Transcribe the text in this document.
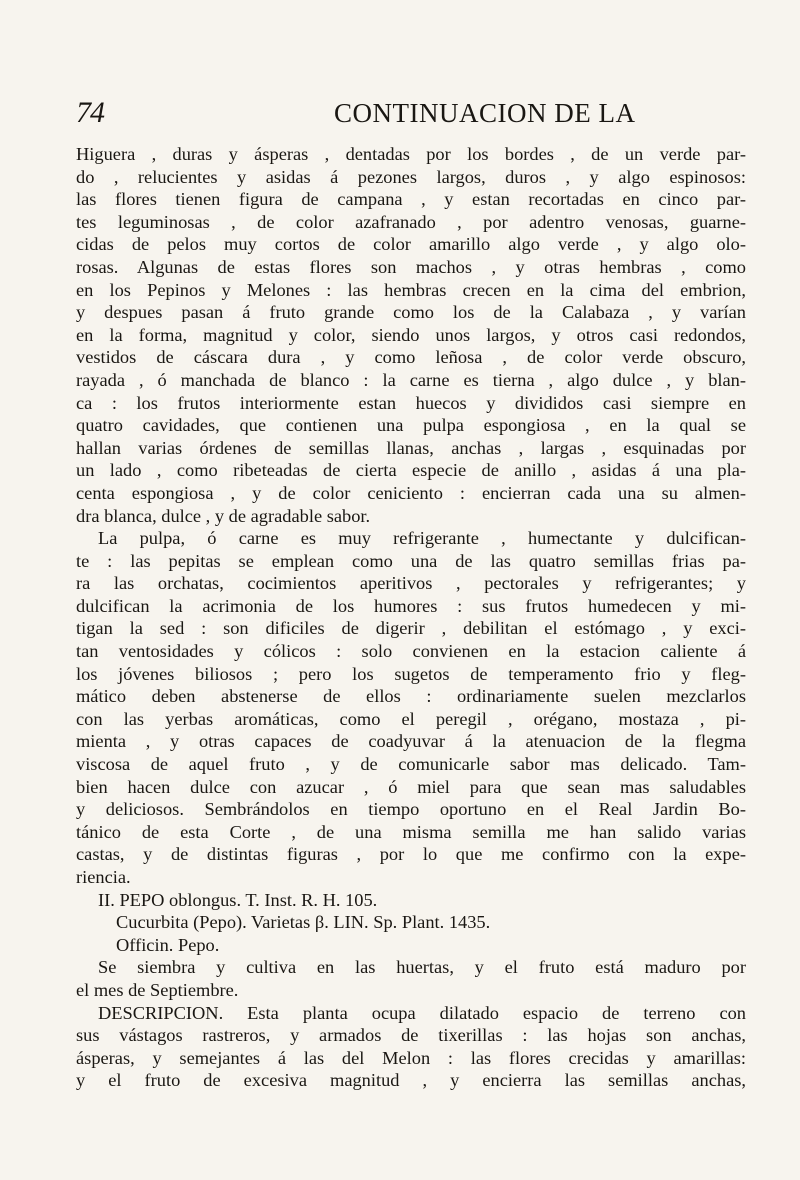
74	CONTINUACION DE LA
Higuera , duras y ásperas , dentadas por los bordes , de un verde par-
do , relucientes y asidas á pezones largos, duros , y algo espinosos:
las flores tienen figura de campana , y estan recortadas en cinco par-
tes leguminosas , de color azafranado , por adentro venosas, guarne-
cidas de pelos muy cortos de color amarillo algo verde , y algo olo-
rosas. Algunas de estas flores son machos , y otras hembras , como
en los Pepinos y Melones : las hembras crecen en la cima del embrion,
y despues pasan á fruto grande como los de la Calabaza , y varían
en la forma, magnitud y color, siendo unos largos, y otros casi redondos,
vestidos de cáscara dura , y como leñosa , de color verde obscuro,
rayada , ó manchada de blanco : la carne es tierna , algo dulce , y blan-
ca : los frutos interiormente estan huecos y divididos casi siempre en
quatro cavidades, que contienen una pulpa espongiosa , en la qual se
hallan varias órdenes de semillas llanas, anchas , largas , esquinadas por
un lado , como ribeteadas de cierta especie de anillo , asidas á una pla-
centa espongiosa , y de color ceniciento : encierran cada una su almen-
dra blanca, dulce , y de agradable sabor.
La pulpa, ó carne es muy refrigerante , humectante y dulcifican-
te : las pepitas se emplean como una de las quatro semillas frias pa-
ra las orchatas, cocimientos aperitivos , pectorales y refrigerantes; y
dulcifican la acrimonia de los humores : sus frutos humedecen y mi-
tigan la sed : son dificiles de digerir , debilitan el estómago , y exci-
tan ventosidades y cólicos : solo convienen en la estacion caliente á
los jóvenes biliosos ; pero los sugetos de temperamento frio y fleg-
mático deben abstenerse de ellos : ordinariamente suelen mezclarlos
con las yerbas aromáticas, como el peregil , orégano, mostaza , pi-
mienta , y otras capaces de coadyuvar á la atenuacion de la flegma
viscosa de aquel fruto , y de comunicarle sabor mas delicado. Tam-
bien hacen dulce con azucar , ó miel para que sean mas saludables
y deliciosos. Sembrándolos en tiempo oportuno en el Real Jardin Bo-
tánico de esta Corte , de una misma semilla me han salido varias
castas, y de distintas figuras , por lo que me confirmo con la expe-
riencia.
II. PEPO oblongus. T. Inst. R. H. 105.
Cucurbita (Pepo). Varietas β. LIN. Sp. Plant. 1435.
Officin. Pepo.
Se siembra y cultiva en las huertas, y el fruto está maduro por
el mes de Septiembre.
DESCRIPCION. Esta planta ocupa dilatado espacio de terreno con
sus vástagos rastreros, y armados de tixerillas : las hojas son anchas,
ásperas, y semejantes á las del Melon : las flores crecidas y amarillas:
y el fruto de excesiva magnitud , y encierra las semillas anchas,
